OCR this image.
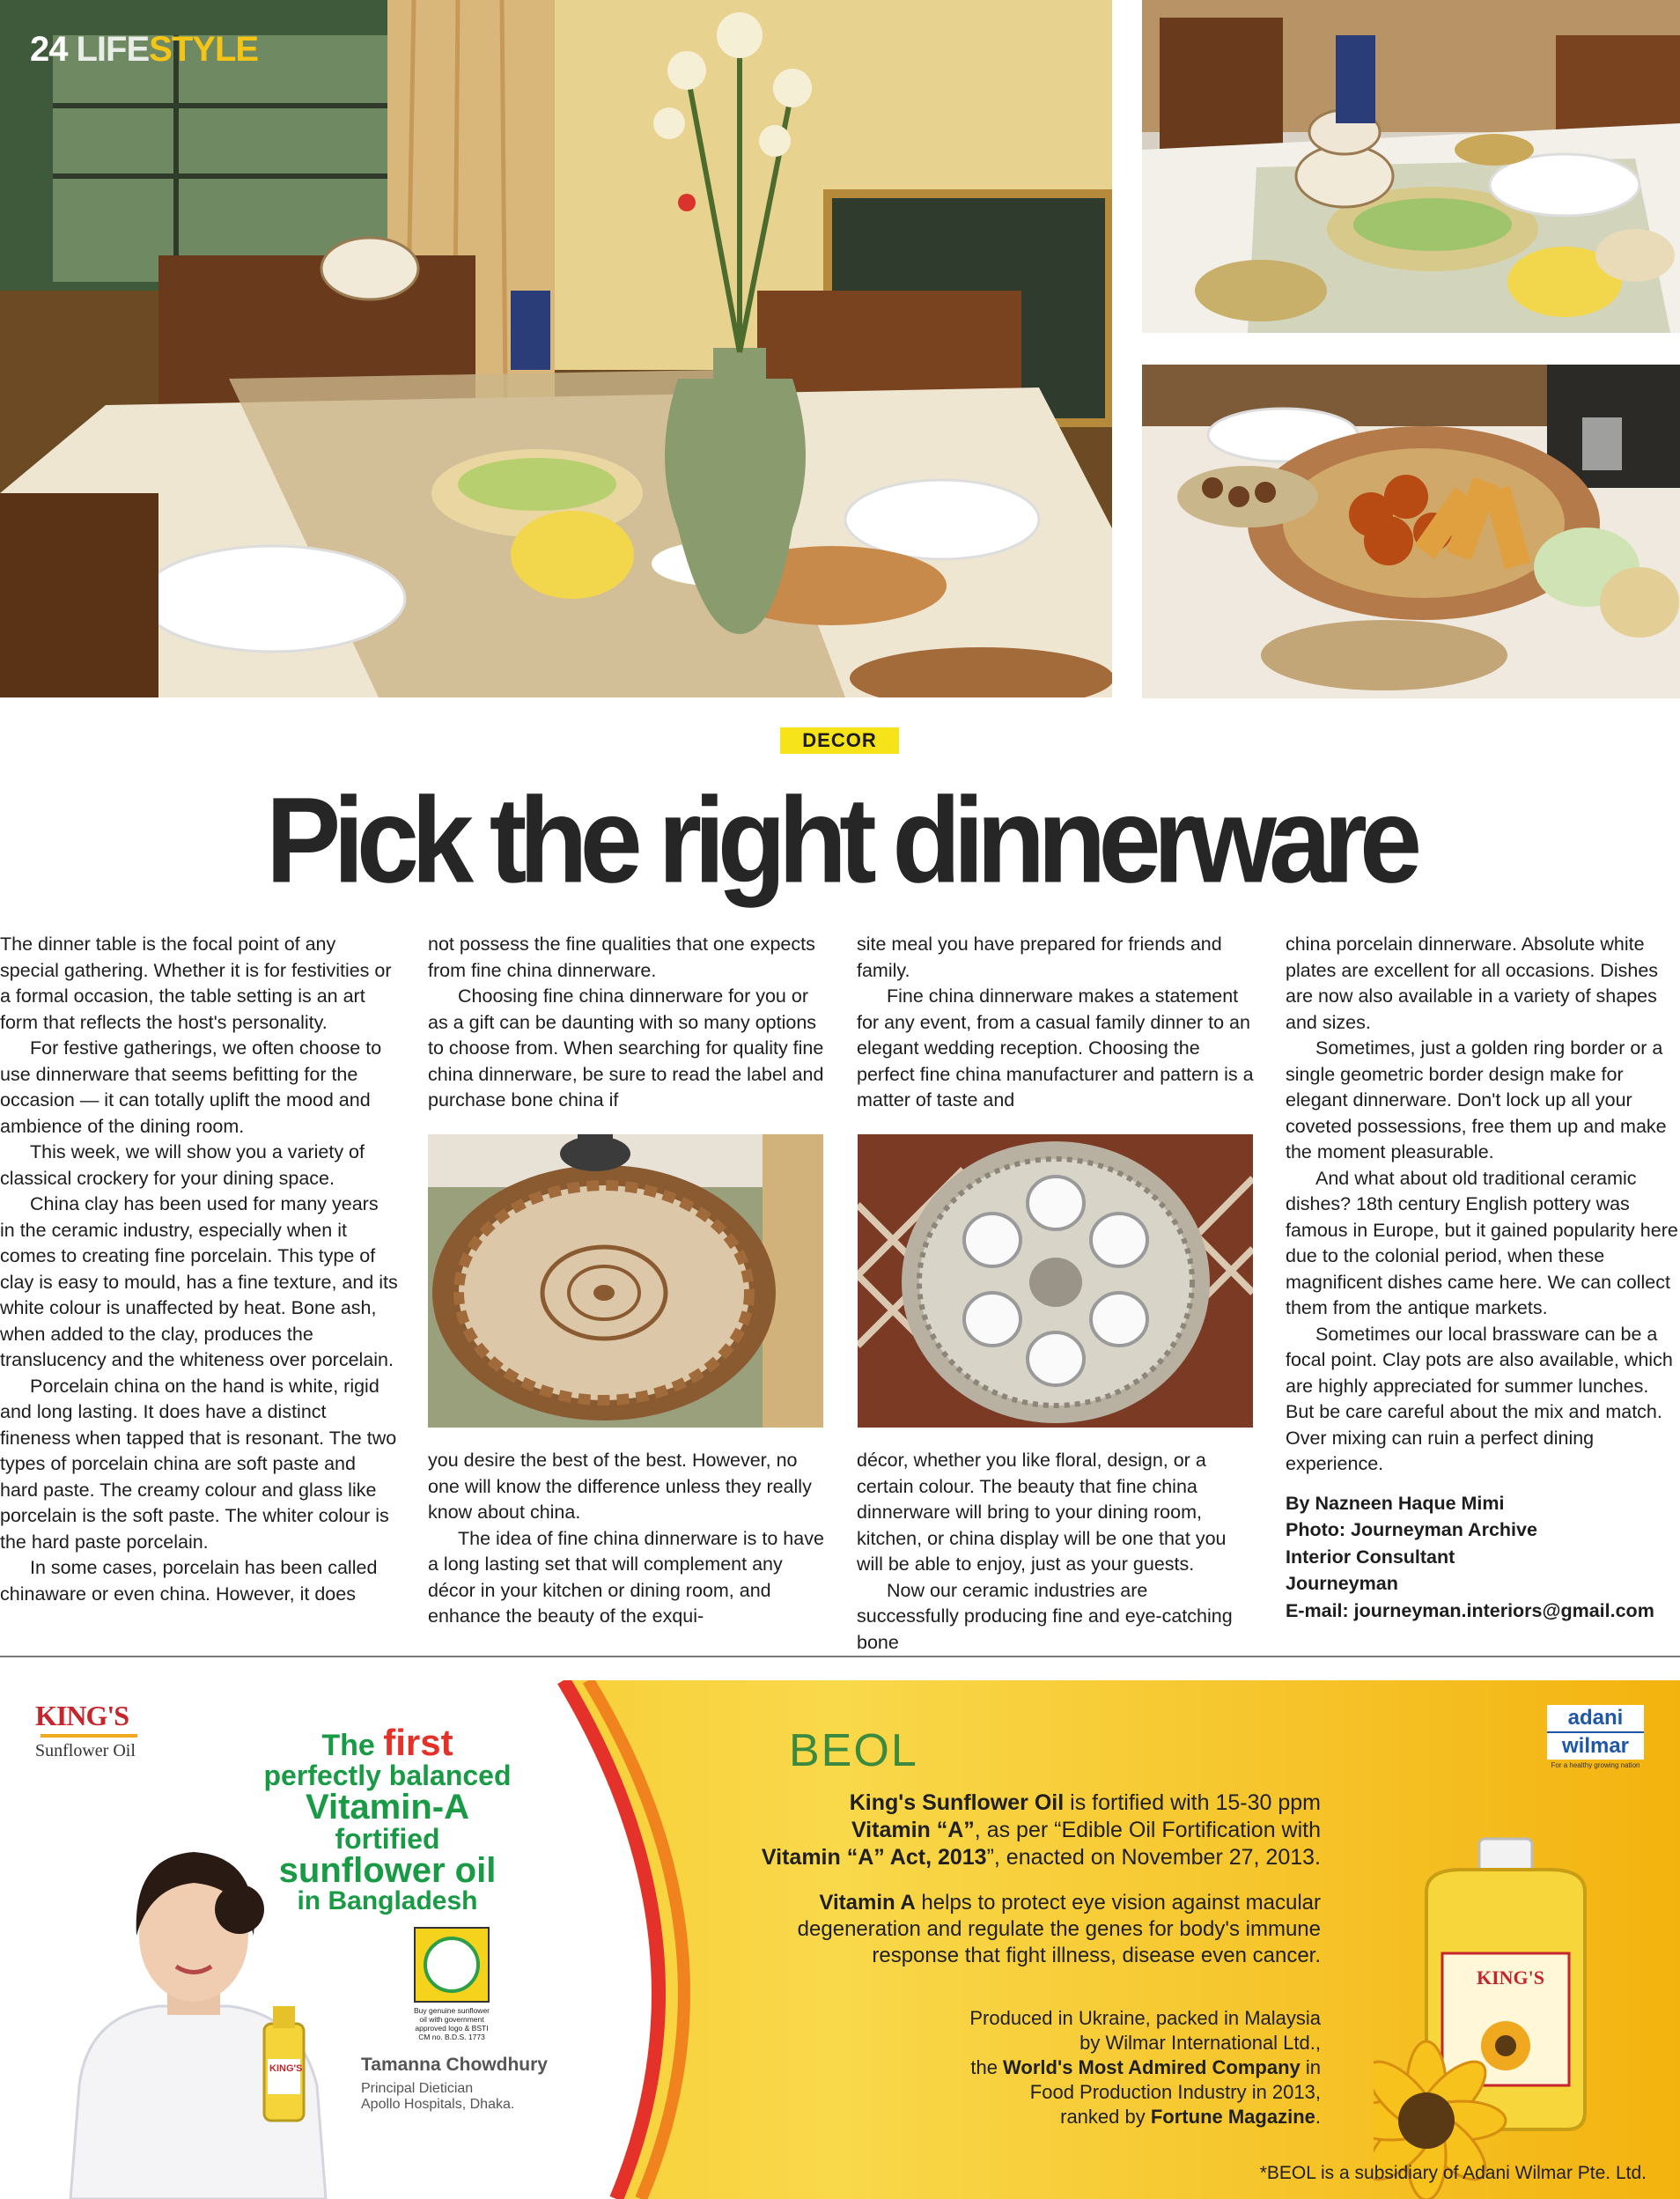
24 LIFESTYLE
DECOR
Pick the right dinnerware

The dinner table is the focal point of any special gathering. Whether it is for festivities or a formal occasion, the table setting is an art form that reflects the host's personality.

For festive gatherings, we often choose to use dinnerware that seems befitting for the occasion — it can totally uplift the mood and ambience of the dining room.

This week, we will show you a variety of classical crockery for your dining space.

China clay has been used for many years in the ceramic industry, especially when it comes to creating fine porcelain. This type of clay is easy to mould, has a fine texture, and its white colour is unaffected by heat. Bone ash, when added to the clay, produces the translucency and the whiteness over porcelain.

Porcelain china on the hand is white, rigid and long lasting. It does have a distinct fineness when tapped that is resonant. The two types of porcelain china are soft paste and hard paste. The creamy colour and glass like porcelain is the soft paste. The whiter colour is the hard paste porcelain.

In some cases, porcelain has been called chinaware or even china. However, it does

not possess the fine qualities that one expects from fine china dinnerware.

Choosing fine china dinnerware for you or as a gift can be daunting with so many options to choose from. When searching for quality fine china dinnerware, be sure to read the label and purchase bone china if

you desire the best of the best. However, no one will know the difference unless they really know about china.

The idea of fine china dinnerware is to have a long lasting set that will complement any décor in your kitchen or dining room, and enhance the beauty of the exqui-

site meal you have prepared for friends and family.

Fine china dinnerware makes a statement for any event, from a casual family dinner to an elegant wedding reception. Choosing the perfect fine china manufacturer and pattern is a matter of taste and

décor, whether you like floral, design, or a certain colour. The beauty that fine china dinnerware will bring to your dining room, kitchen, or china display will be one that you will be able to enjoy, just as your guests.

Now our ceramic industries are successfully producing fine and eye-catching bone

china porcelain dinnerware. Absolute white plates are excellent for all occasions. Dishes are now also available in a variety of shapes and sizes.

Sometimes, just a golden ring border or a single geometric border design make for elegant dinnerware. Don't lock up all your coveted possessions, free them up and make the moment pleasurable.

And what about old traditional ceramic dishes? 18th century English pottery was famous in Europe, but it gained popularity here due to the colonial period, when these magnificent dishes came here. We can collect them from the antique markets.

Sometimes our local brassware can be a focal point. Clay pots are also available, which are highly appreciated for summer lunches. But be care careful about the mix and match. Over mixing can ruin a perfect dining experience.

By Nazneen Haque Mimi
Photo: Journeyman Archive
Interior Consultant
Journeyman
E-mail: journeyman.interiors@gmail.com
KING'S
Sunflower Oil	The first
perfectly balanced
Vitamin-A
fortified
sunflower oil
in Bangladesh
KING'S
Buy genuine sunflower oil with government approved logo & BSTI CM no. B.D.S. 1773
Tamanna Chowdhury
Principal Dietician
Apollo Hospitals, Dhaka.
BEOL
adani
wilmar
For a healthy growing nation
King's Sunflower Oil is fortified with 15-30 ppm
Vitamin “A”, as per “Edible Oil Fortification with
Vitamin “A” Act, 2013”, enacted on November 27, 2013.
Vitamin A helps to protect eye vision against macular
degeneration and regulate the genes for body's immune
response that fight illness, disease even cancer.
Produced in Ukraine, packed in Malaysia
by Wilmar International Ltd.,
the World's Most Admired Company in
Food Production Industry in 2013,
ranked by Fortune Magazine.
KING'S
*BEOL is a subsidiary of Adani Wilmar Pte. Ltd.
